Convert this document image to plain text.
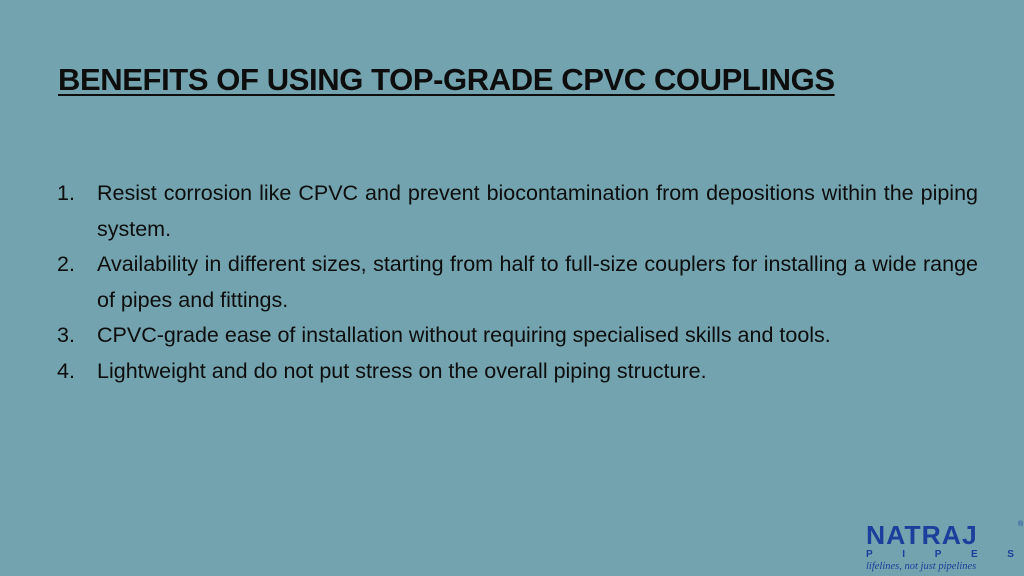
BENEFITS OF USING TOP-GRADE CPVC COUPLINGS
1. Resist corrosion like CPVC and prevent biocontamination from depositions within the piping system.
2. Availability in different sizes, starting from half to full-size couplers for installing a wide range of pipes and fittings.
3. CPVC-grade ease of installation without requiring specialised skills and tools.
4. Lightweight and do not put stress on the overall piping structure.
NATRAJ	®
P	I	P	E	S
lifelines, not just pipelines
